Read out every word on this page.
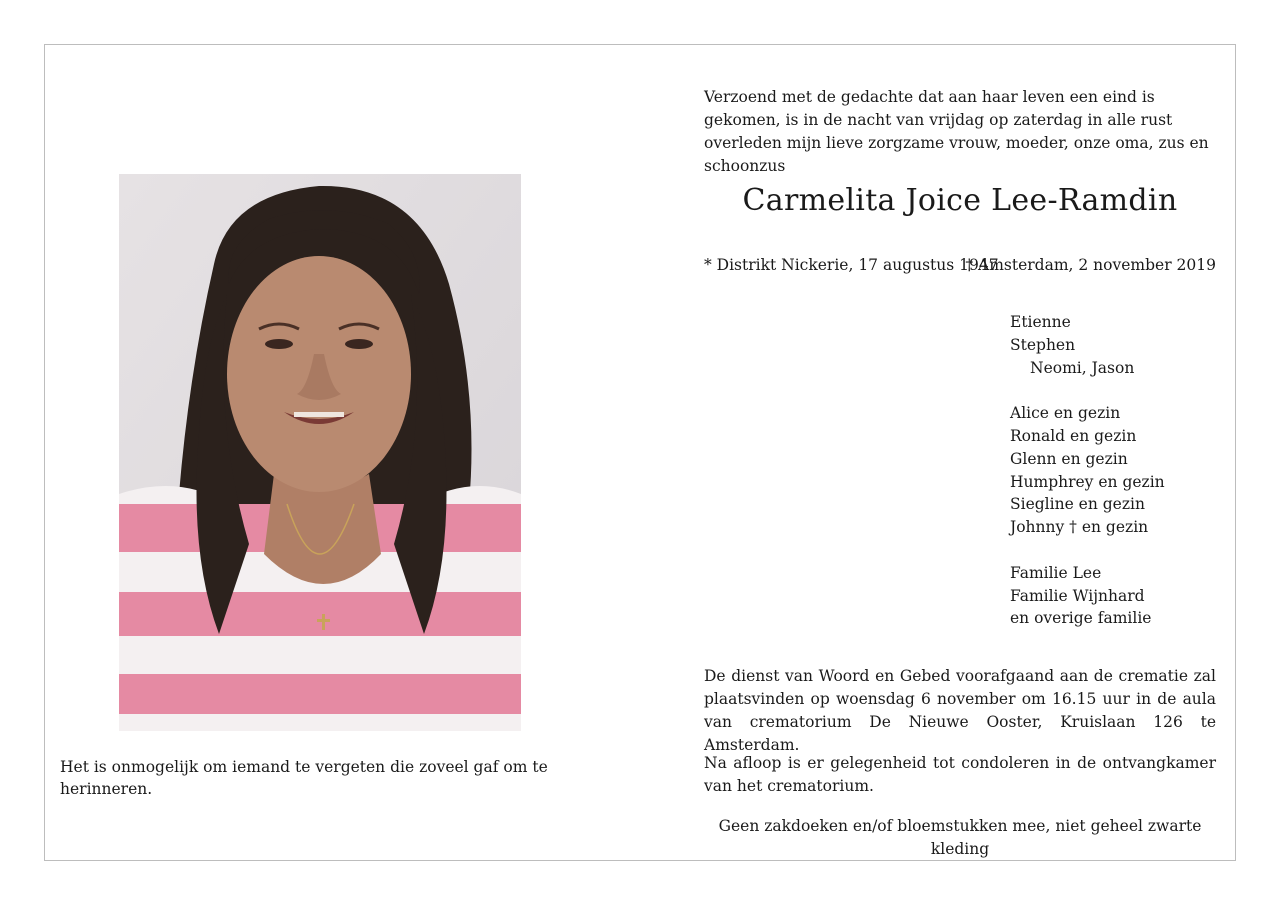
Het is onmogelijk om iemand te vergeten die zoveel gaf om te herinneren.
Verzoend met de gedachte dat aan haar leven een eind is gekomen, is in de nacht van vrijdag op zaterdag in alle rust overleden mijn lieve zorgzame vrouw, moeder, onze oma, zus en schoonzus
Carmelita Joice Lee-Ramdin
* Distrikt Nickerie, 17 augustus 1947
† Amsterdam, 2 november 2019
Etienne
Stephen
Neomi, Jason
Alice en gezin
Ronald en gezin
Glenn en gezin
Humphrey en gezin
Siegline en gezin
Johnny † en gezin
Familie Lee
Familie Wijnhard
en overige familie
De dienst van Woord en Gebed voorafgaand aan de crematie zal plaatsvinden op woensdag 6 november om 16.15 uur in de aula van crematorium De Nieuwe Ooster, Kruislaan 126 te Amsterdam.
Na afloop is er gelegenheid tot condoleren in de ontvangkamer van het crematorium.
Geen zakdoeken en/of bloemstukken mee, niet geheel zwarte kleding
